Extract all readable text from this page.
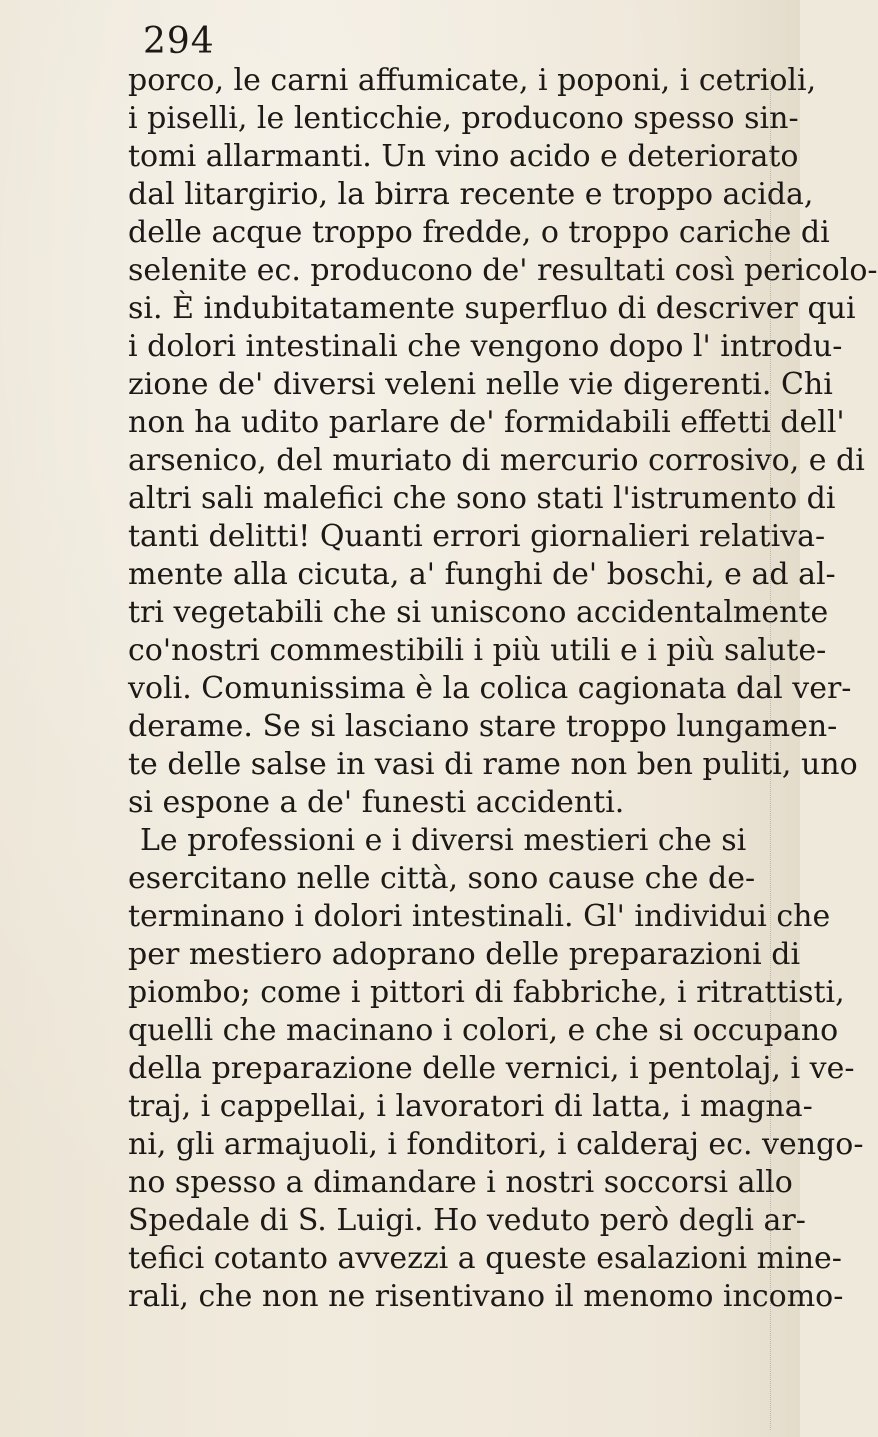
294
porco, le carni affumicate, i poponi, i cetrioli,
i piselli, le lenticchie, producono spesso sin-
tomi allarmanti. Un vino acido e deteriorato
dal litargirio, la birra recente e troppo acida,
delle acque troppo fredde, o troppo cariche di
selenite ec. producono de' resultati così pericolo-
si. È indubitatamente superfluo di descriver qui
i dolori intestinali che vengono dopo l' introdu-
zione de' diversi veleni nelle vie digerenti. Chi
non ha udito parlare de' formidabili effetti dell'
arsenico, del muriato di mercurio corrosivo, e di
altri sali malefici che sono stati l'istrumento di
tanti delitti! Quanti errori giornalieri relativa-
mente alla cicuta, a' funghi de' boschi, e ad al-
tri vegetabili che si uniscono accidentalmente
co'nostri commestibili i più utili e i più salute-
voli. Comunissima è la colica cagionata dal ver-
derame. Se si lasciano stare troppo lungamen-
te delle salse in vasi di rame non ben puliti, uno
si espone a de' funesti accidenti.
Le professioni e i diversi mestieri che si
esercitano nelle città, sono cause che de-
terminano i dolori intestinali. Gl' individui che
per mestiero adoprano delle preparazioni di
piombo; come i pittori di fabbriche, i ritrattisti,
quelli che macinano i colori, e che si occupano
della preparazione delle vernici, i pentolaj, i ve-
traj, i cappellai, i lavoratori di latta, i magna-
ni, gli armajuoli, i fonditori, i calderaj ec. vengo-
no spesso a dimandare i nostri soccorsi allo
Spedale di S. Luigi. Ho veduto però degli ar-
tefici cotanto avvezzi a queste esalazioni mine-
rali, che non ne risentivano il menomo incomo-
